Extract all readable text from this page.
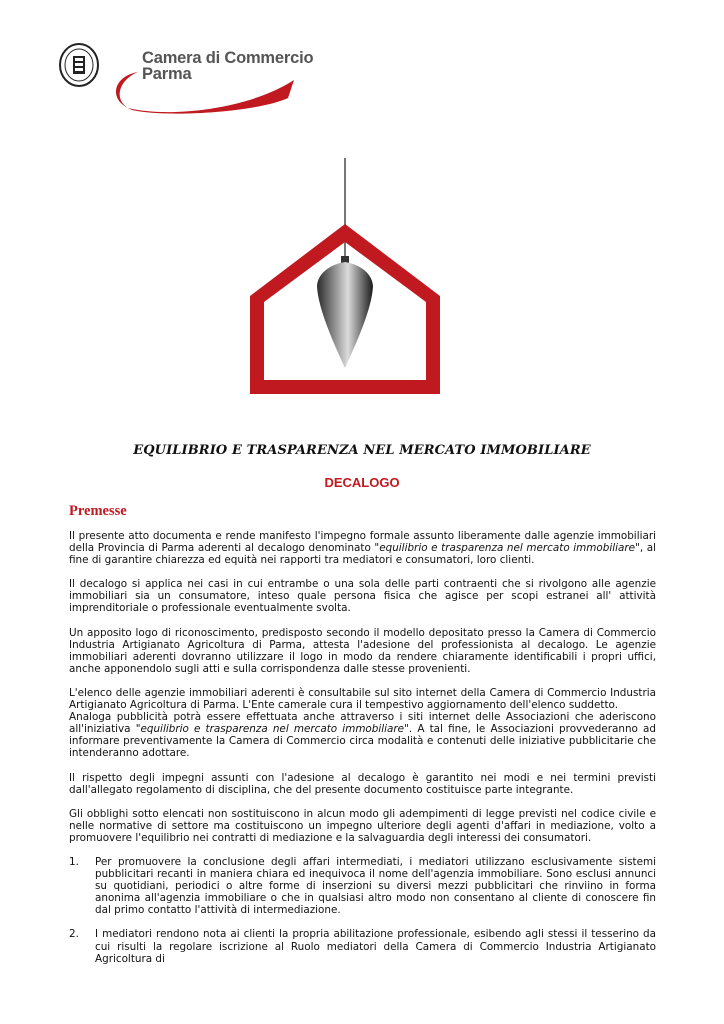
Camera di Commercio
Parma
EQUILIBRIO E TRASPARENZA NEL MERCATO IMMOBILIARE
DECALOGO
Premesse

Il presente atto documenta e rende manifesto l'impegno formale assunto liberamente dalle agenzie immobiliari della Provincia di Parma aderenti al decalogo denominato "equilibrio e trasparenza nel mercato immobiliare", al fine di garantire chiarezza ed equità nei rapporti tra mediatori e consumatori, loro clienti.

Il decalogo si applica nei casi in cui entrambe o una sola delle parti contraenti che si rivolgono alle agenzie immobiliari sia un consumatore, inteso quale persona fisica che agisce per scopi estranei all' attività imprenditoriale o professionale eventualmente svolta.

Un apposito logo di riconoscimento, predisposto secondo il modello depositato presso la Camera di Commercio Industria Artigianato Agricoltura di Parma, attesta l'adesione del professionista al decalogo. Le agenzie immobiliari aderenti dovranno utilizzare il logo in modo da rendere chiaramente identificabili i propri uffici, anche apponendolo sugli atti e sulla corrispondenza dalle stesse provenienti.

L'elenco delle agenzie immobiliari aderenti è consultabile sul sito internet della Camera di Commercio Industria Artigianato Agricoltura di Parma. L'Ente camerale cura il tempestivo aggiornamento dell'elenco suddetto.
Analoga pubblicità potrà essere effettuata anche attraverso i siti internet delle Associazioni che aderiscono all'iniziativa "equilibrio e trasparenza nel mercato immobiliare". A tal fine, le Associazioni provvederanno ad informare preventivamente la Camera di Commercio circa modalità e contenuti delle iniziative pubblicitarie che intenderanno adottare.

Il rispetto degli impegni assunti con l'adesione al decalogo è garantito nei modi e nei termini previsti dall'allegato regolamento di disciplina, che del presente documento costituisce parte integrante.

Gli obblighi sotto elencati non sostituiscono in alcun modo gli adempimenti di legge previsti nel codice civile e nelle normative di settore ma costituiscono un impegno ulteriore degli agenti d'affari in mediazione, volto a promuovere l'equilibrio nei contratti di mediazione e la salvaguardia degli interessi dei consumatori.

1. Per promuovere la conclusione degli affari intermediati, i mediatori utilizzano esclusivamente sistemi pubblicitari recanti in maniera chiara ed inequivoca il nome dell'agenzia immobiliare. Sono esclusi annunci su quotidiani, periodici o altre forme di inserzioni su diversi mezzi pubblicitari che rinviino in forma anonima all'agenzia immobiliare o che in qualsiasi altro modo non consentano al cliente di conoscere fin dal primo contatto l'attività di intermediazione.
2. I mediatori rendono nota ai clienti la propria abilitazione professionale, esibendo agli stessi il tesserino da cui risulti la regolare iscrizione al Ruolo mediatori della Camera di Commercio Industria Artigianato Agricoltura di
